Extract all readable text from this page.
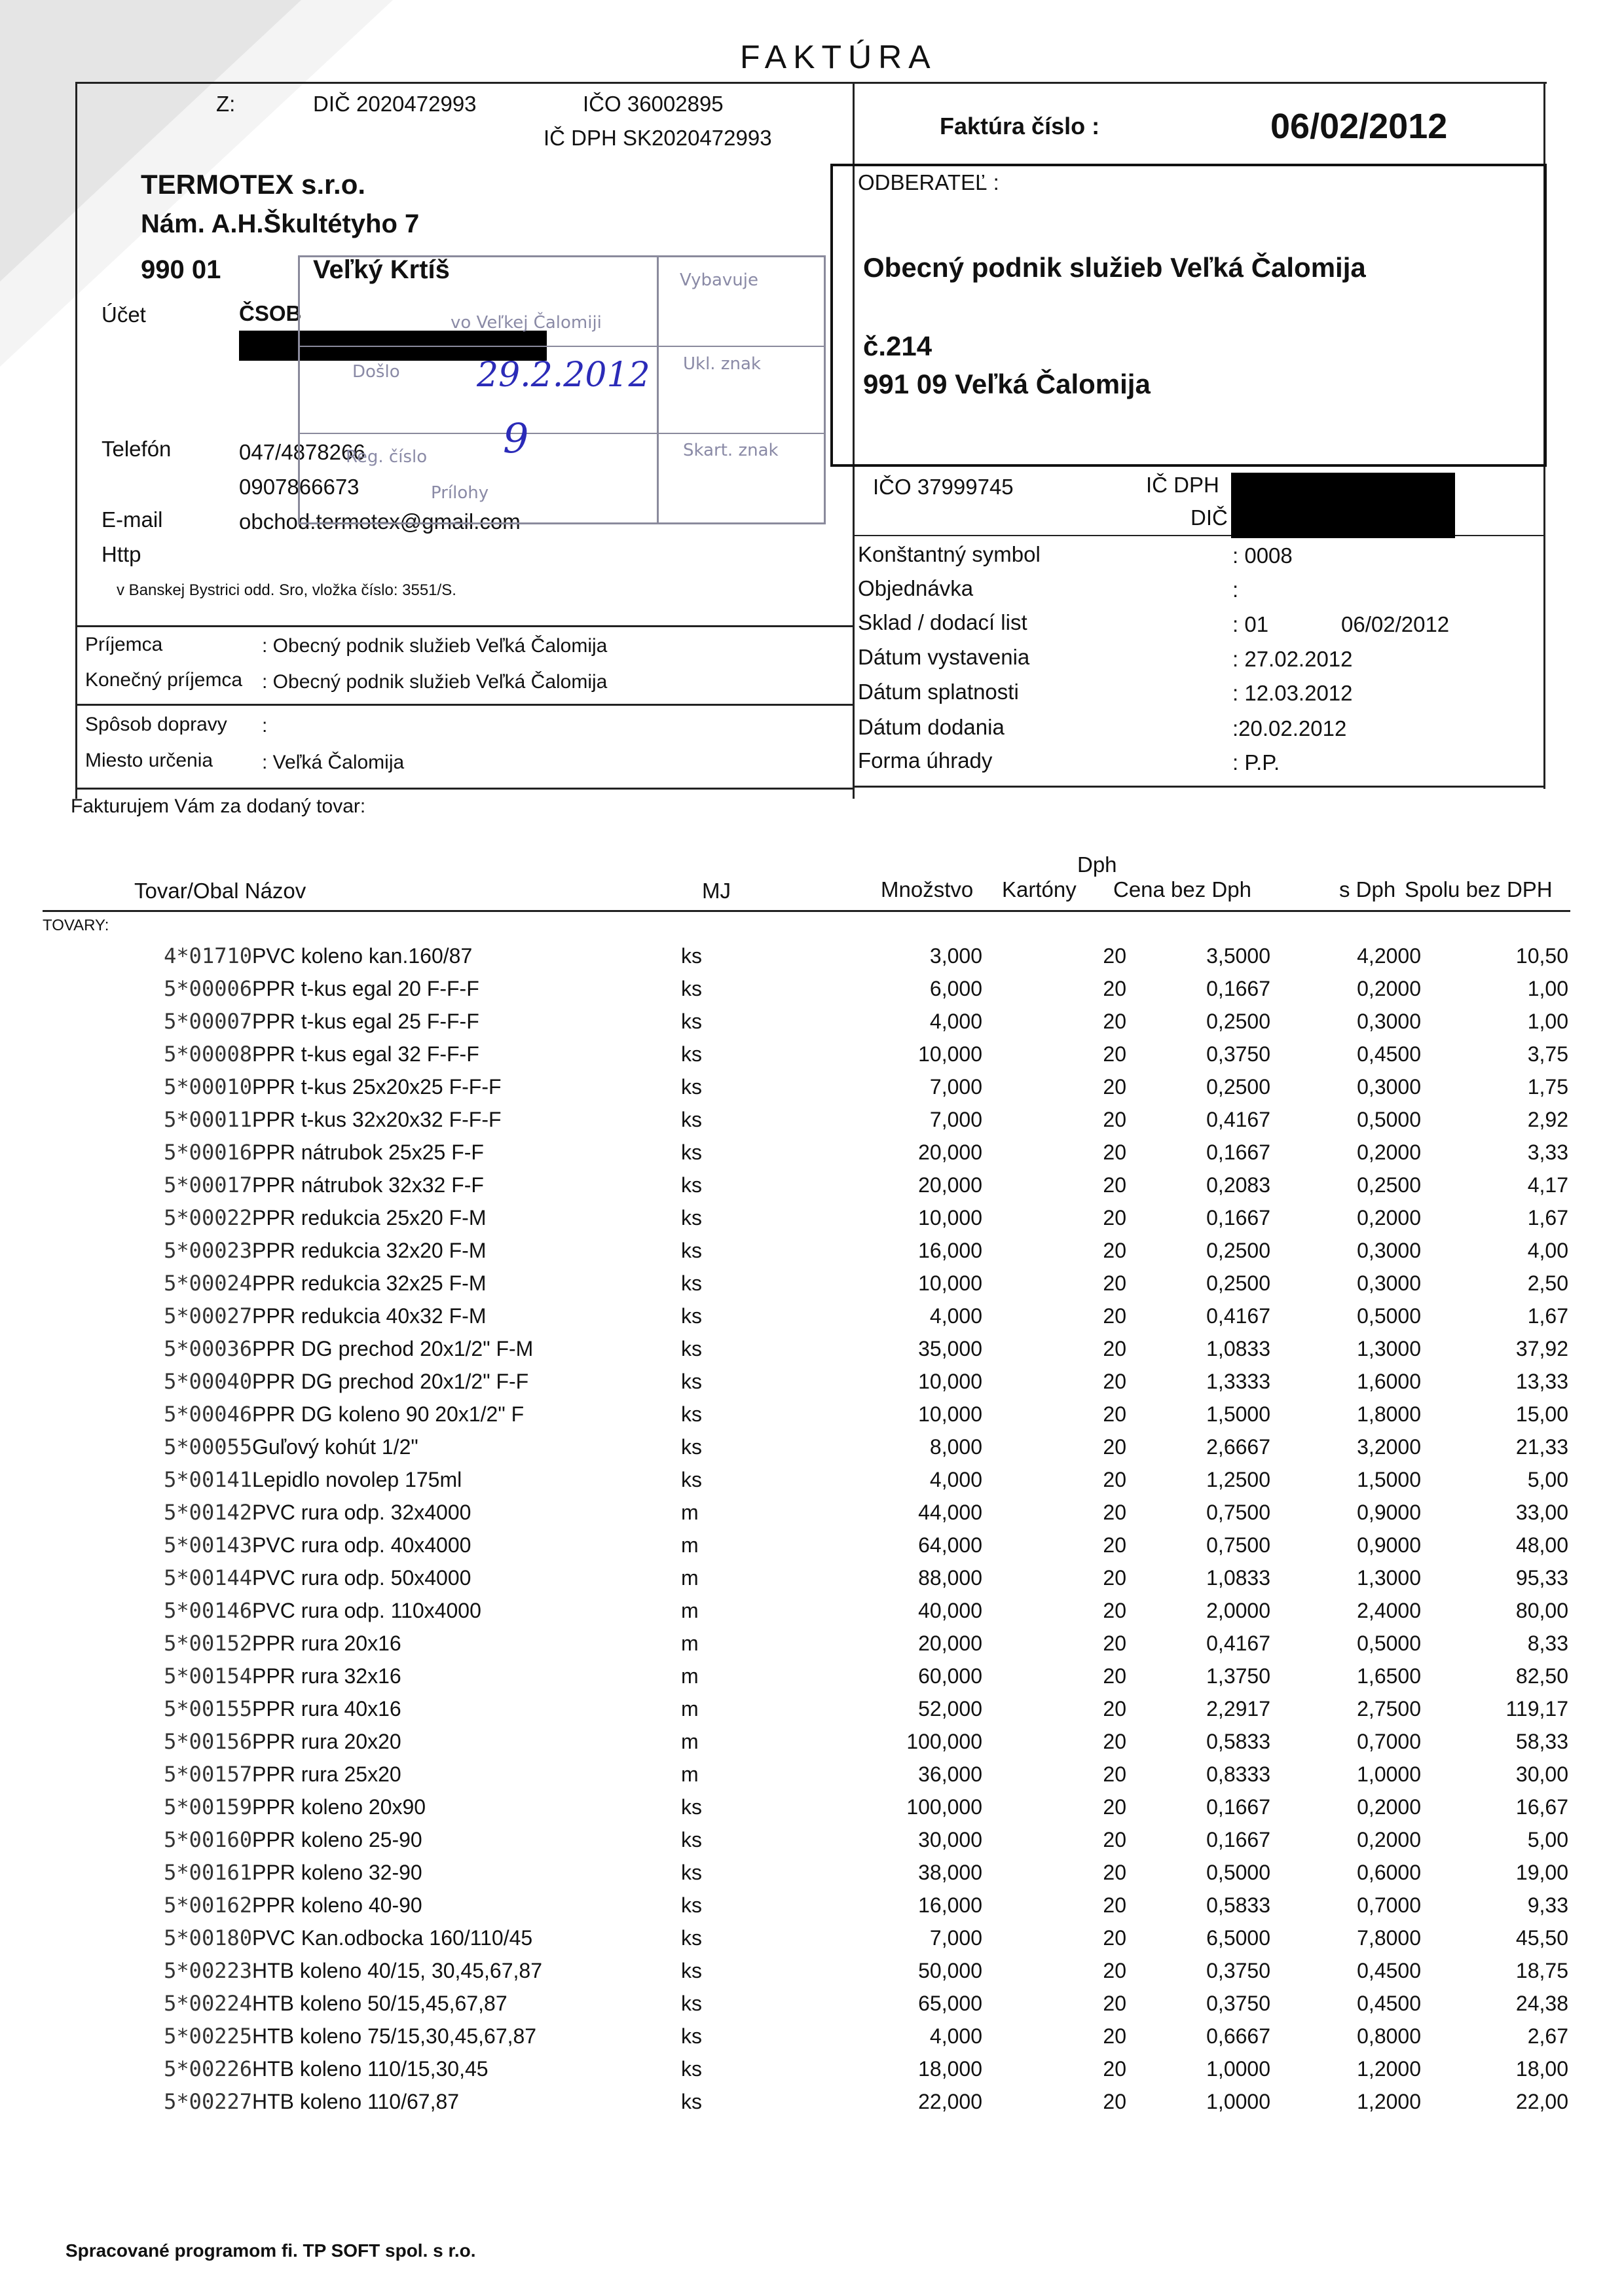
FAKTÚRA
Z:	DIČ 2020472993	IČO 36002895
IČ DPH SK2020472993
TERMOTEX s.r.o.
Nám. A.H.Škultétyho 7
990 01	Veľký Krtíš
Účet	ČSOB
Telefón	047/4878266
0907866673
E-mail	obchod.termotex@gmail.com
Http
v Banskej Bystrici odd. Sro, vložka číslo: 3551/S.
vo Veľkej Čalomiji
Došlo
Reg. číslo
Prílohy
Vybavuje
Ukl. znak
Skart. znak
29.2.2012
9
Príjemca	: Obecný podnik služieb Veľká Čalomija
Konečný príjemca : Obecný podnik služieb Veľká Čalomija
Spôsob dopravy :
Miesto určenia : Veľká Čalomija
Faktúra číslo :	06/02/2012
ODBERATEĽ :
Obecný podnik služieb Veľká Čalomija
č.214
991 09 Veľká Čalomija
IČO 37999745	IČ DPH
DIČ
Konštantný symbol	: 0008
Objednávka	:
Sklad / dodací list	: 01	06/02/2012
Dátum vystavenia	: 27.02.2012
Dátum splatnosti	: 12.03.2012
Dátum dodania	:20.02.2012
Forma úhrady	: P.P.
Fakturujem Vám za dodaný tovar:
Tovar/Obal Názov	MJ	Množstvo Kartóny
Dph
Cena bez Dph	s Dph Spolu bez DPH
TOVARY:
4*01710	PVC koleno kan.160/87	ks	3,000	20	3,5000	4,2000	10,50
5*00006	PPR t-kus egal 20 F-F-F	ks	6,000	20	0,1667	0,2000	1,00
5*00007	PPR t-kus egal 25 F-F-F	ks	4,000	20	0,2500	0,3000	1,00
5*00008	PPR t-kus egal 32 F-F-F	ks	10,000	20	0,3750	0,4500	3,75
5*00010	PPR t-kus 25x20x25 F-F-F	ks	7,000	20	0,2500	0,3000	1,75
5*00011	PPR t-kus 32x20x32 F-F-F	ks	7,000	20	0,4167	0,5000	2,92
5*00016	PPR nátrubok 25x25 F-F	ks	20,000	20	0,1667	0,2000	3,33
5*00017	PPR nátrubok 32x32 F-F	ks	20,000	20	0,2083	0,2500	4,17
5*00022	PPR redukcia 25x20 F-M	ks	10,000	20	0,1667	0,2000	1,67
5*00023	PPR redukcia 32x20 F-M	ks	16,000	20	0,2500	0,3000	4,00
5*00024	PPR redukcia 32x25 F-M	ks	10,000	20	0,2500	0,3000	2,50
5*00027	PPR redukcia 40x32 F-M	ks	4,000	20	0,4167	0,5000	1,67
5*00036	PPR DG prechod 20x1/2" F-M	ks	35,000	20	1,0833	1,3000	37,92
5*00040	PPR DG prechod 20x1/2" F-F	ks	10,000	20	1,3333	1,6000	13,33
5*00046	PPR DG koleno 90 20x1/2" F	ks	10,000	20	1,5000	1,8000	15,00
5*00055	Guľový kohút 1/2"	ks	8,000	20	2,6667	3,2000	21,33
5*00141	Lepidlo novolep 175ml	ks	4,000	20	1,2500	1,5000	5,00
5*00142	PVC rura odp. 32x4000	m	44,000	20	0,7500	0,9000	33,00
5*00143	PVC rura odp. 40x4000	m	64,000	20	0,7500	0,9000	48,00
5*00144	PVC rura odp. 50x4000	m	88,000	20	1,0833	1,3000	95,33
5*00146	PVC rura odp. 110x4000	m	40,000	20	2,0000	2,4000	80,00
5*00152	PPR rura 20x16	m	20,000	20	0,4167	0,5000	8,33
5*00154	PPR rura 32x16	m	60,000	20	1,3750	1,6500	82,50
5*00155	PPR rura 40x16	m	52,000	20	2,2917	2,7500	119,17
5*00156	PPR rura 20x20	m	100,000	20	0,5833	0,7000	58,33
5*00157	PPR rura 25x20	m	36,000	20	0,8333	1,0000	30,00
5*00159	PPR koleno 20x90	ks	100,000	20	0,1667	0,2000	16,67
5*00160	PPR koleno 25-90	ks	30,000	20	0,1667	0,2000	5,00
5*00161	PPR koleno 32-90	ks	38,000	20	0,5000	0,6000	19,00
5*00162	PPR koleno 40-90	ks	16,000	20	0,5833	0,7000	9,33
5*00180	PVC Kan.odbocka 160/110/45	ks	7,000	20	6,5000	7,8000	45,50
5*00223	HTB koleno 40/15, 30,45,67,87	ks	50,000	20	0,3750	0,4500	18,75
5*00224	HTB koleno 50/15,45,67,87	ks	65,000	20	0,3750	0,4500	24,38
5*00225	HTB koleno 75/15,30,45,67,87	ks	4,000	20	0,6667	0,8000	2,67
5*00226	HTB koleno 110/15,30,45	ks	18,000	20	1,0000	1,2000	18,00
5*00227	HTB koleno 110/67,87	ks	22,000	20	1,0000	1,2000	22,00
Spracované programom fi. TP SOFT spol. s r.o.
